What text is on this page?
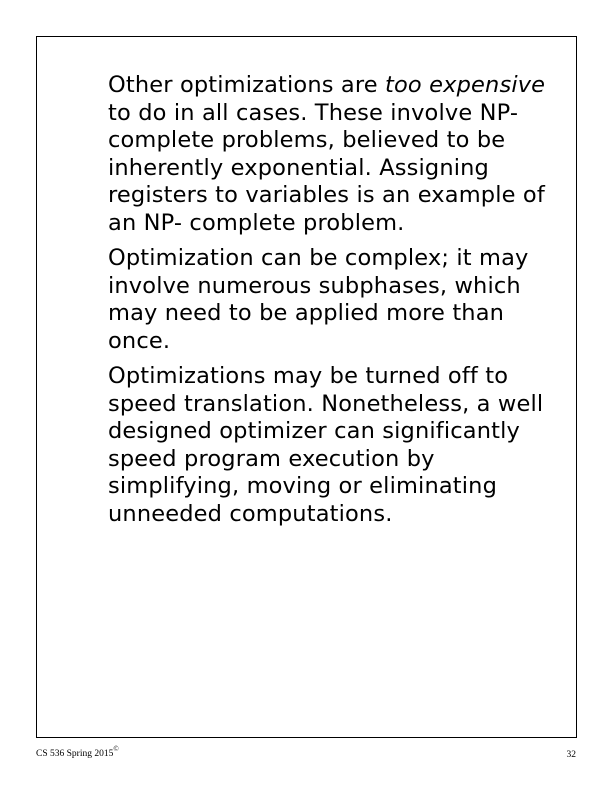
Other optimizations are too expensive to do in all cases. These involve NP- complete problems, believed to be inherently exponential. Assigning registers to variables is an example of an NP- complete problem.

Optimization can be complex; it may involve numerous subphases, which may need to be applied more than once.

Optimizations may be turned off to speed translation. Nonetheless, a well designed optimizer can significantly speed program execution by simplifying, moving or eliminating unneeded computations.

CS 536 Spring 2015©
32
